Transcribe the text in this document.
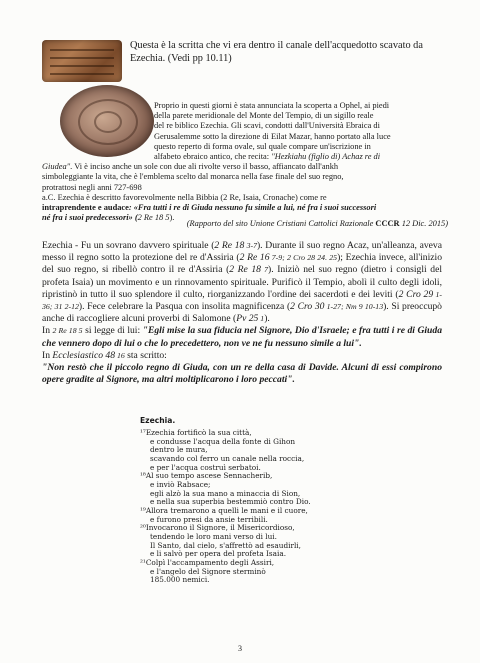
Questa è la scritta che vi era dentro il canale dell'acquedotto scavato da Ezechia. (Vedi pp 10.11)
Proprio in questi giorni è stata annunciata la scoperta a Ophel, ai piedi
della parete meridionale del Monte del Tempio, di un sigillo reale
del re biblico Ezechia. Gli scavi, condotti dall'Università Ebraica di
Gerusalemme sotto la direzione di Eilat Mazar, hanno portato alla luce
questo reperto di forma ovale, sul quale compare un'iscrizione in
alfabeto ebraico antico, che recita: "Hezkiahu (figlio di) Achaz re di
Giudea". Vi è inciso anche un sole con due ali rivolte verso il basso, affiancato dall'ankh
simboleggiante la vita, che è l'emblema scelto dal monarca nella fase finale del suo regno,
protrattosi negli anni 727-698
a.C. Ezechia è descritto favorevolmente nella Bibbia (2 Re, Isaia, Cronache) come re
intraprendente e audace: «Fra tutti i re di Giuda nessuno fu simile a lui, né fra i suoi successori
né fra i suoi predecessori» (2 Re 18 5).
(Rapporto del sito Unione Cristiani Cattolici Razionale CCCR 12 Dic. 2015)

Ezechia - Fu un sovrano davvero spirituale (2 Re 18 3-7). Durante il suo regno Acaz, un'alleanza, aveva messo il regno sotto la protezione del re d'Assiria (2 Re 16 7-9; 2 Cro 28 24. 25); Ezechia invece, all'inizio del suo regno, si ribellò contro il re d'Assiria (2 Re 18 7). Iniziò nel suo regno (dietro i consigli del profeta Isaia) un movimento e un rinnovamento spirituale. Purificò il Tempio, abolì il culto degli idoli, ripristinò in tutto il suo splendore il culto, riorganizzando l'ordine dei sacerdoti e dei leviti (2 Cro 29 1-36; 31 2-12). Fece celebrare la Pasqua con insolita magnificenza (2 Cro 30 1-27; Nm 9 10-13). Si preoccupò anche di raccogliere alcuni proverbi di Salomone (Pv 25 1).

In 2 Re 18 5 si legge di lui: "Egli mise la sua fiducia nel Signore, Dio d'Israele; e fra tutti i re di Giuda che vennero dopo di lui o che lo precedettero, non ve ne fu nessuno simile a lui".

In Ecclesiastico 48 16 sta scritto:

"Non restò che il piccolo regno di Giuda, con un re della casa di Davide. Alcuni di essi compirono opere gradite al Signore, ma altri moltiplicarono i loro peccati".

Ezechia.
¹⁷Ezechia fortificò la sua città,
e condusse l'acqua della fonte di Gihon
dentro le mura,
scavando col ferro un canale nella roccia,
e per l'acqua costruì serbatoi.
¹⁸Al suo tempo ascese Sennacherib,
e inviò Rabsace;
egli alzò la sua mano a minaccia di Sion,
e nella sua superbia bestemmiò contro Dio.
¹⁹Allora tremarono a quelli le mani e il cuore,
e furono presi da ansie terribili.
²⁰Invocarono il Signore, il Misericordioso,
tendendo le loro mani verso di lui.
Il Santo, dal cielo, s'affrettò ad esaudirli,
e li salvò per opera del profeta Isaia.
²¹Colpì l'accampamento degli Assiri,
e l'angelo del Signore sterminò
185.000 nemici.
3
